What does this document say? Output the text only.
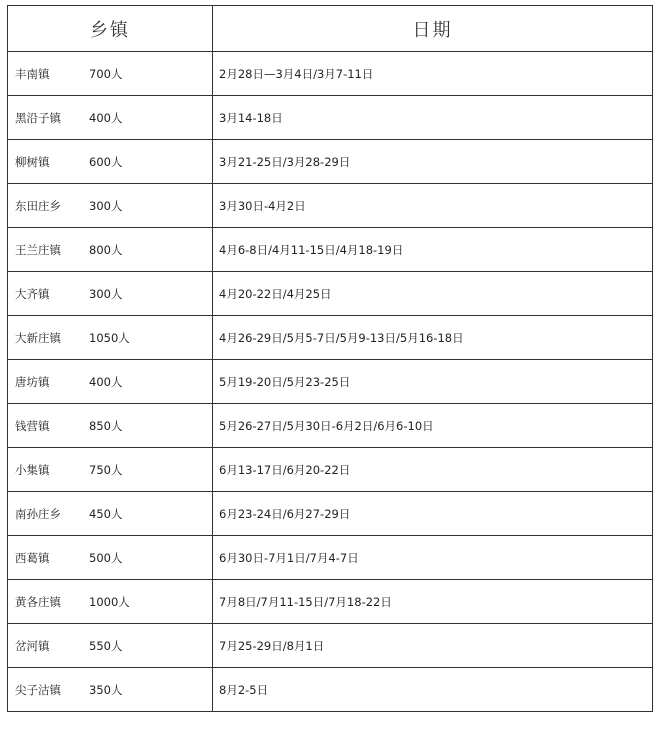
乡镇	日期
丰南镇 700人	2月28日—3月4日/3月7-11日
黑沿子镇 400人	3月14-18日
柳树镇 600人	3月21-25日/3月28-29日
东田庄乡 300人	3月30日-4月2日
王兰庄镇 800人	4月6-8日/4月11-15日/4月18-19日
大齐镇 300人	4月20-22日/4月25日
大新庄镇 1050人	4月26-29日/5月5-7日/5月9-13日/5月16-18日
唐坊镇 400人	5月19-20日/5月23-25日
钱营镇 850人	5月26-27日/5月30日-6月2日/6月6-10日
小集镇 750人	6月13-17日/6月20-22日
南孙庄乡 450人	6月23-24日/6月27-29日
西葛镇 500人	6月30日-7月1日/7月4-7日
黄各庄镇 1000人	7月8日/7月11-15日/7月18-22日
岔河镇 550人	7月25-29日/8月1日
尖子沽镇 350人	8月2-5日
